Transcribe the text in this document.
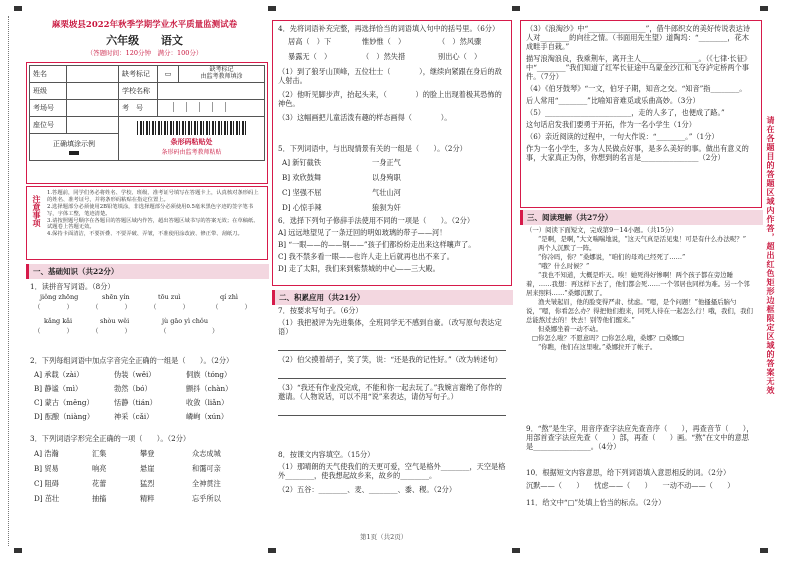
麻栗坡县2022年秋季学期学业水平质量监测试卷
六年级 语文
（答题时间：120分钟　满分：100分）
姓名		缺考标记	▭	缺考标记
由监考教师填涂

班级		学校名称		
考场号		考　号		
座位号		条形码粘贴处
条形码由监考教师粘贴		

正确填涂示例				
注意事项
1.答题前，同学们务必将姓名、学校、班级、准考证号填写在答题卡上，认真核对条形码上的姓名、准考证号，并将条形码粘贴在指定位置上。
2.选择题部分必须使用2B铅笔填涂，非选择题部分必须使用0.5毫米黑色字迹的签字笔书写，字体工整，笔迹清楚。
3.请按照题号顺序在各题目的答题区域内作答，超出答题区域书写的答案无效；在草稿纸、试题卷上答题无效。
4.保持卡面清洁，不要折叠、不要弄破、弄皱，不准使用涂改液、修正带、刮纸刀。
一、基础知识（共22分）
1．读拼音写词语。（8分）
jiǒng zhōng	shēn yín	tōu zuì	qí zhì
（　　　　）	（　　　　）	（　　　　）	（　　　　）
kǎng kǎi	shòu wěi	jù gāo yì chǒu
（　　　　）	（　　　　）	（　　　　　　　）
2．下列每组词语中加点字音完全正确的一组是（　　）。（2分）
A] 承载（zài）	伪装（wěi）	侗族（tóng）
B] 静谧（mì）	勃然（bó）	颤抖（chàn）
C] 蒙古（měng）	恬静（tián）	收敛（liǎn）
D] 酝酿（niàng）	神采（cǎi）	嶙峋（xún）
3．下列词语字形完全正确的一项（　　）。（2分）
A] 浩瀚	汇集	攀登	众志成城
B] 贸易	响亮	悬崖	和霭可亲
C] 阻碍	花蕾	猛烈	全神贯注
D] 茁壮	抽搐	精粹	忘乎所以
4．先将词语补充完整，再选择恰当的词语填入句中的括号里。（6分）
居高（　）下	惟妙惟（　）	（　）然风骤
暴露无（　）	（　）然失措	别出心（　）
（1）到了狼牙山顶峰，五位壮士（　　　　），继续向紧跟在身后的敌人射击。
（2）他听见脚步声，抬起头来，（　　　　）的脸上出现着极其恐怖的神色。
（3）这幅画把儿童活泼有趣的样态画得（　　　　）。
5．下列词语中，与出现情景有关的一组是（　　）。（2分）
A] 新钉截铁	一身正气
B] 欢欣鼓舞	以身殉职
C] 坚强不屈	气壮山河
D] 心惊手辣	狼狈为奸
6．选择下列句子修辞手法使用不同的一项是（　　）。（2分）
A] 远远地望见了一条迂回的明如玻璃的带子——河！
B] “一眼——的——钢——”孩子们都纷纷走出来这样嚷声了。
C] 我不禁多看一眼——也许人走上后就再也出不来了。
D] 走了太阳，我们来到紫禁城的中心——三大殿。
二、积累应用（共21分）
7．按要求写句子。（6分）
（1）我把被评为先进集体，全班同学无不感到自豪。（改写原句表达定语）
（2）伯父摸着胡子，笑了笑，说：“还是我的记性好。”（改为转述句）
（3）“我还有作业没完成，不能和你一起去玩了。”我婉言谢绝了你作的邀请。（人物说话，可以不用“说”来表达，请仿写句子。）
8．按课文内容填空。（15分）
（1）那晴朗的天气使我们的天更可爱，空气是格外________，天空是格外________，使我想起故乡来，故乡的________。
（2）五谷：________、麦、________、黍、稷。（2分）
第1页（共2页）
（3）《浪淘沙》中“________________”，借牛郎织女的美好传说表达诗人对________的向往之情。（书面用先生望）道陶坞：“________，花木成畦手自栽。”
描写浪淘浪良，我乘荆车，离开主人________________。（《七律·长征》中“________”我们知道了红军长征途中乌蒙金沙江和飞夺泸定桥两个事件。（7分）
（4）《伯牙鼓琴》“一文，伯牙子期，知音之交。“知音”指________。
后人常用“________”比喻知音难觅或乐曲高妙。（3分）
（5）________________________，走的人多了，也便成了路。”
这句话启发我们要勇于开拓，作为一名小学生（1分）
（6）亲近阅读的过程中，一句大作说：“________。”（1分）
作为一名小学生，多为人民做点好事，是多么美好的事。做出有意义的事，大家真正为你，你想到的名言是________________（2分）
三、阅读理解（共27分）
（一）阅读下面短文，完成第9－14小题。（共15分）
“是啊，是啊，”大文喘喘地说，“这天气真是活见鬼！可是有什么办法呢？”
两个人沉默了一阵。
“你冷吗，你？”桑娜说，“咱们的母鸡已经死了……”
“哦？什么时候？”
“我也不知道，大概是昨天。唉！她死得好惨啊！两个孩子都在旁边睡着，……我想：再这样下去了，他们都会死……一个邻居也同样为难。另一个邻居来照料……”桑娜沉默了。
渔夫皱起眉，他的脸变得严肃、忧虑。“嗯，是个问题！”他搔搔后脑勺说，“嗯，你看怎么办？得把他们抱来，同死人待在一起怎么行！哦，我们，我们总能熬过去的！快去！别等他们醒来。”
但桑娜坐着一动不动。
□你怎么啦？不愿意吗？□你怎么啦，桑娜？□桑娜□
“你瞧，他们在这里啦。”桑娜拉开了帐子。
9．“熬”是生字，用音序查字法应先查音序（　　），再查音节（　　），用部首查字法应先查（　　）部，再查（　　）画。“熬”在文中的意思是________________。（4分）
10．根据短文内容意思，给下列词语填入意思相反的词。（2分）
沉默——（　　）　　忧虑——（　　）　　一动不动——（　　）
11．给文中“□”处填上恰当的标点。（2分）
请在各题目的答题区域内作答，超出红色矩形边框限定区域的答案无效
